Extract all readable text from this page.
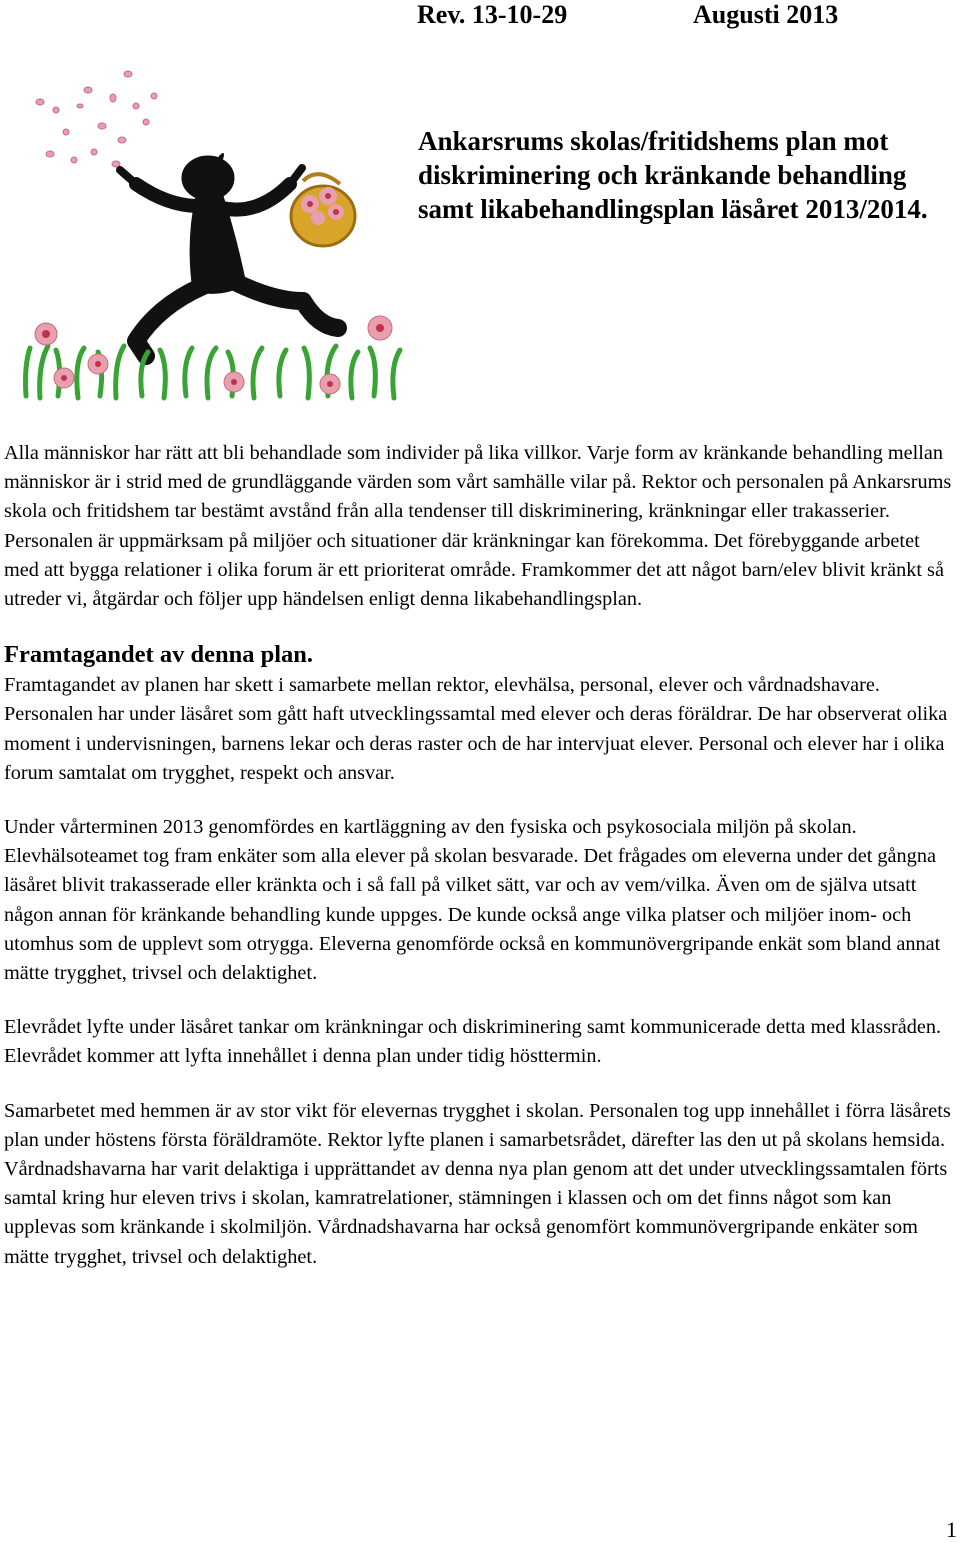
Rev. 13-10-29	Augusti 2013
Ankarsrums skolas/fritidshems plan mot diskriminering och kränkande behandling samt likabehandlingsplan läsåret 2013/2014.

Alla människor har rätt att bli behandlade som individer på lika villkor. Varje form av kränkande behandling mellan människor är i strid med de grundläggande värden som vårt samhälle vilar på. Rektor och personalen på Ankarsrums skola och fritidshem tar bestämt avstånd från alla tendenser till diskriminering, kränkningar eller trakasserier. Personalen är uppmärksam på miljöer och situationer där kränkningar kan förekomma. Det förebyggande arbetet med att bygga relationer i olika forum är ett prioriterat område. Framkommer det att något barn/elev blivit kränkt så utreder vi, åtgärdar och följer upp händelsen enligt denna likabehandlingsplan.

Framtagandet av denna plan.

Framtagandet av planen har skett i samarbete mellan rektor, elevhälsa, personal, elever och vårdnadshavare. Personalen har under läsåret som gått haft utvecklingssamtal med elever och deras föräldrar. De har observerat olika moment i undervisningen, barnens lekar och deras raster och de har intervjuat elever. Personal och elever har i olika forum samtalat om trygghet, respekt och ansvar.

Under vårterminen 2013 genomfördes en kartläggning av den fysiska och psykosociala miljön på skolan. Elevhälsoteamet tog fram enkäter som alla elever på skolan besvarade. Det frågades om eleverna under det gångna läsåret blivit trakasserade eller kränkta och i så fall på vilket sätt, var och av vem/vilka. Även om de själva utsatt någon annan för kränkande behandling kunde uppges. De kunde också ange vilka platser och miljöer inom- och utomhus som de upplevt som otrygga. Eleverna genomförde också en kommunövergripande enkät som bland annat mätte trygghet, trivsel och delaktighet.

Elevrådet lyfte under läsåret tankar om kränkningar och diskriminering samt kommunicerade detta med klassråden. Elevrådet kommer att lyfta innehållet i denna plan under tidig hösttermin.

Samarbetet med hemmen är av stor vikt för elevernas trygghet i skolan. Personalen tog upp innehållet i förra läsårets plan under höstens första föräldramöte. Rektor lyfte planen i samarbetsrådet, därefter las den ut på skolans hemsida. Vårdnadshavarna har varit delaktiga i upprättandet av denna nya plan genom att det under utvecklingssamtalen förts samtal kring hur eleven trivs i skolan, kamratrelationer, stämningen i klassen och om det finns något som kan upplevas som kränkande i skolmiljön. Vårdnadshavarna har också genomfört kommunövergripande enkäter som mätte trygghet, trivsel och delaktighet.

1
